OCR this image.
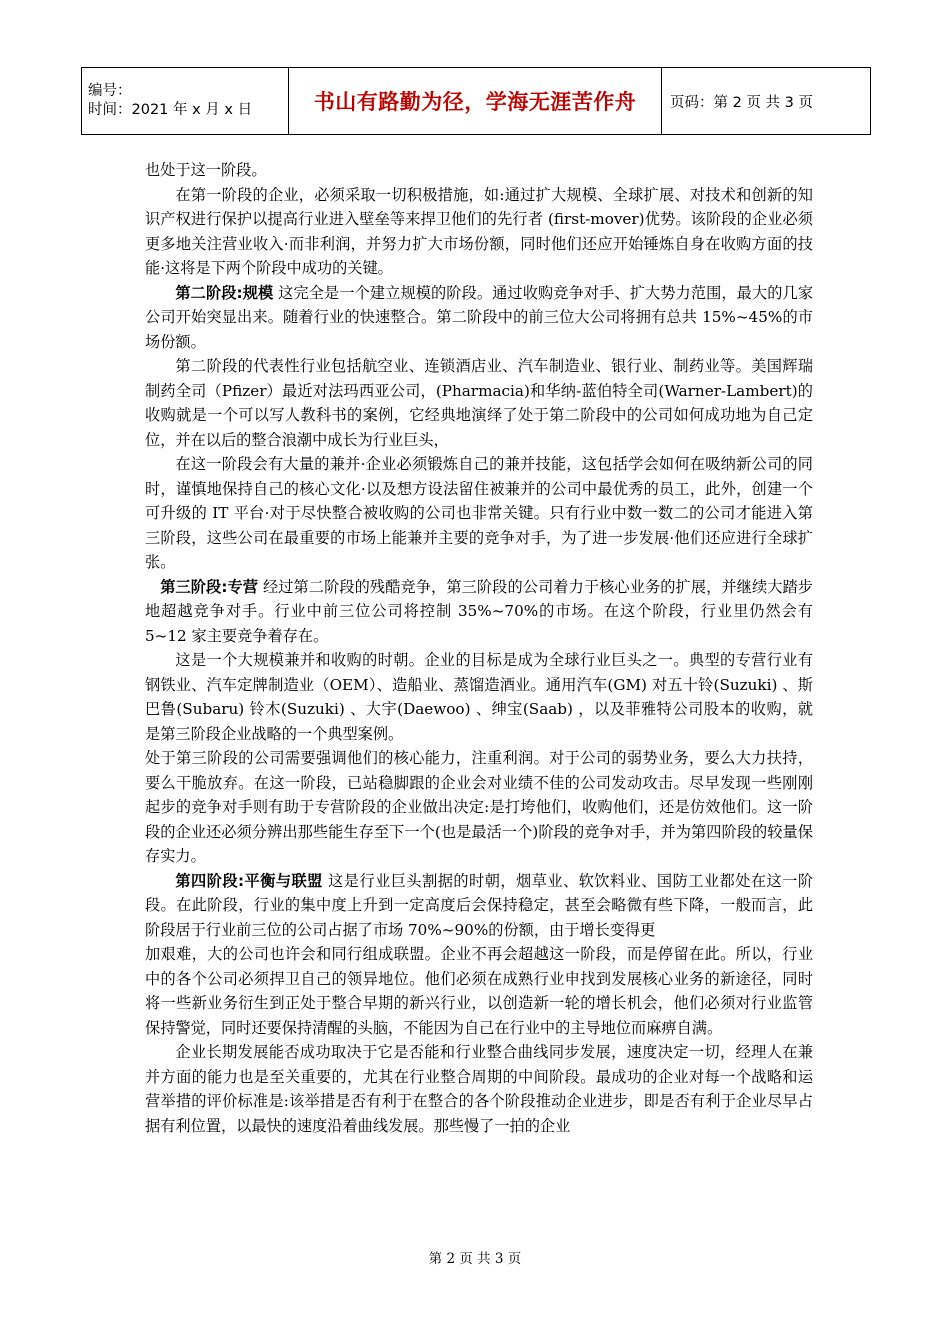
编号：
时间：2021 年 x 月 x 日	书山有路勤为径，学海无涯苦作舟	页码：第 2 页 共 3 页

也处于这一阶段。

在第一阶段的企业，必须采取一切积极措施，如:通过扩大规模、全球扩展、对技术和创新的知识产权进行保护以提高行业进入壁垒等来捍卫他们的先行者 (first-mover)优势。该阶段的企业必须更多地关注营业收入·而非利润，并努力扩大市场份额，同时他们还应开始锤炼自身在收购方面的技能·这将是下两个阶段中成功的关键。

第二阶段:规模 这完全是一个建立规模的阶段。通过收购竞争对手、扩大势力范围，最大的几家公司开始突显出来。随着行业的快速整合。第二阶段中的前三位大公司将拥有总共 15%~45%的市场份额。

第二阶段的代表性行业包括航空业、连锁酒店业、汽车制造业、银行业、制药业等。美国辉瑞制药全司（Pfizer）最近对法玛西亚公司，(Pharmacia)和华纳-蓝伯特全司(Warner-Lambert)的收购就是一个可以写人教科书的案例，它经典地演绎了处于第二阶段中的公司如何成功地为自己定位，并在以后的整合浪潮中成长为行业巨头，

在这一阶段会有大量的兼并·企业必须锻炼自己的兼并技能，这包括学会如何在吸纳新公司的同时，谨慎地保持自己的核心文化·以及想方设法留住被兼并的公司中最优秀的员工，此外，创建一个可升级的 IT 平台·对于尽快整合被收购的公司也非常关键。只有行业中数一数二的公司才能进入第三阶段，这些公司在最重要的市场上能兼并主要的竞争对手，为了进一步发展·他们还应进行全球扩张。

第三阶段:专营 经过第二阶段的残酷竞争，第三阶段的公司着力于核心业务的扩展，并继续大踏步地超越竞争对手。行业中前三位公司将控制 35%~70%的市场。在这个阶段，行业里仍然会有 5~12 家主要竞争着存在。

这是一个大规模兼并和收购的时朝。企业的目标是成为全球行业巨头之一。典型的专营行业有钢铁业、汽车定牌制造业（OEM）、造船业、蒸馏造酒业。通用汽车(GM) 对五十铃(Suzuki) 、斯巴鲁(Subaru) 铃木(Suzuki) 、大宇(Daewoo) 、绅宝(Saab) ，以及菲雅特公司股本的收购，就是第三阶段企业战略的一个典型案例。

处于第三阶段的公司需要强调他们的核心能力，注重利润。对于公司的弱势业务，要么大力扶持，要么干脆放弃。在这一阶段，已站稳脚跟的企业会对业绩不佳的公司发动攻击。尽早发现一些刚刚起步的竞争对手则有助于专营阶段的企业做出决定:是打垮他们，收购他们，还是仿效他们。这一阶段的企业还必须分辨出那些能生存至下一个(也是最活一个)阶段的竞争对手，并为第四阶段的较量保存实力。

第四阶段:平衡与联盟 这是行业巨头割据的时朝，烟草业、软饮料业、国防工业都处在这一阶段。在此阶段，行业的集中度上升到一定高度后会保持稳定，甚至会略微有些下降，一般而言，此阶段居于行业前三位的公司占据了市场 70%~90%的份额，由于增长变得更

加艰难，大的公司也许会和同行组成联盟。企业不再会超越这一阶段，而是停留在此。所以，行业中的各个公司必须捍卫自己的领异地位。他们必须在成熟行业申找到发展核心业务的新途径，同时将一些新业务衍生到正处于整合早期的新兴行业，以创造新一轮的增长机会，他们必须对行业监管保持警觉，同时还要保持清醒的头脑，不能因为自己在行业中的主导地位而麻痹自满。

企业长期发展能否成功取决于它是否能和行业整合曲线同步发展，速度决定一切，经理人在兼并方面的能力也是至关重要的，尤其在行业整合周期的中间阶段。最成功的企业对每一个战略和运营举措的评价标准是:该举措是否有利于在整合的各个阶段推动企业进步，即是否有利于企业尽早占据有利位置，以最快的速度沿着曲线发展。那些慢了一拍的企业

第 2 页 共 3 页
